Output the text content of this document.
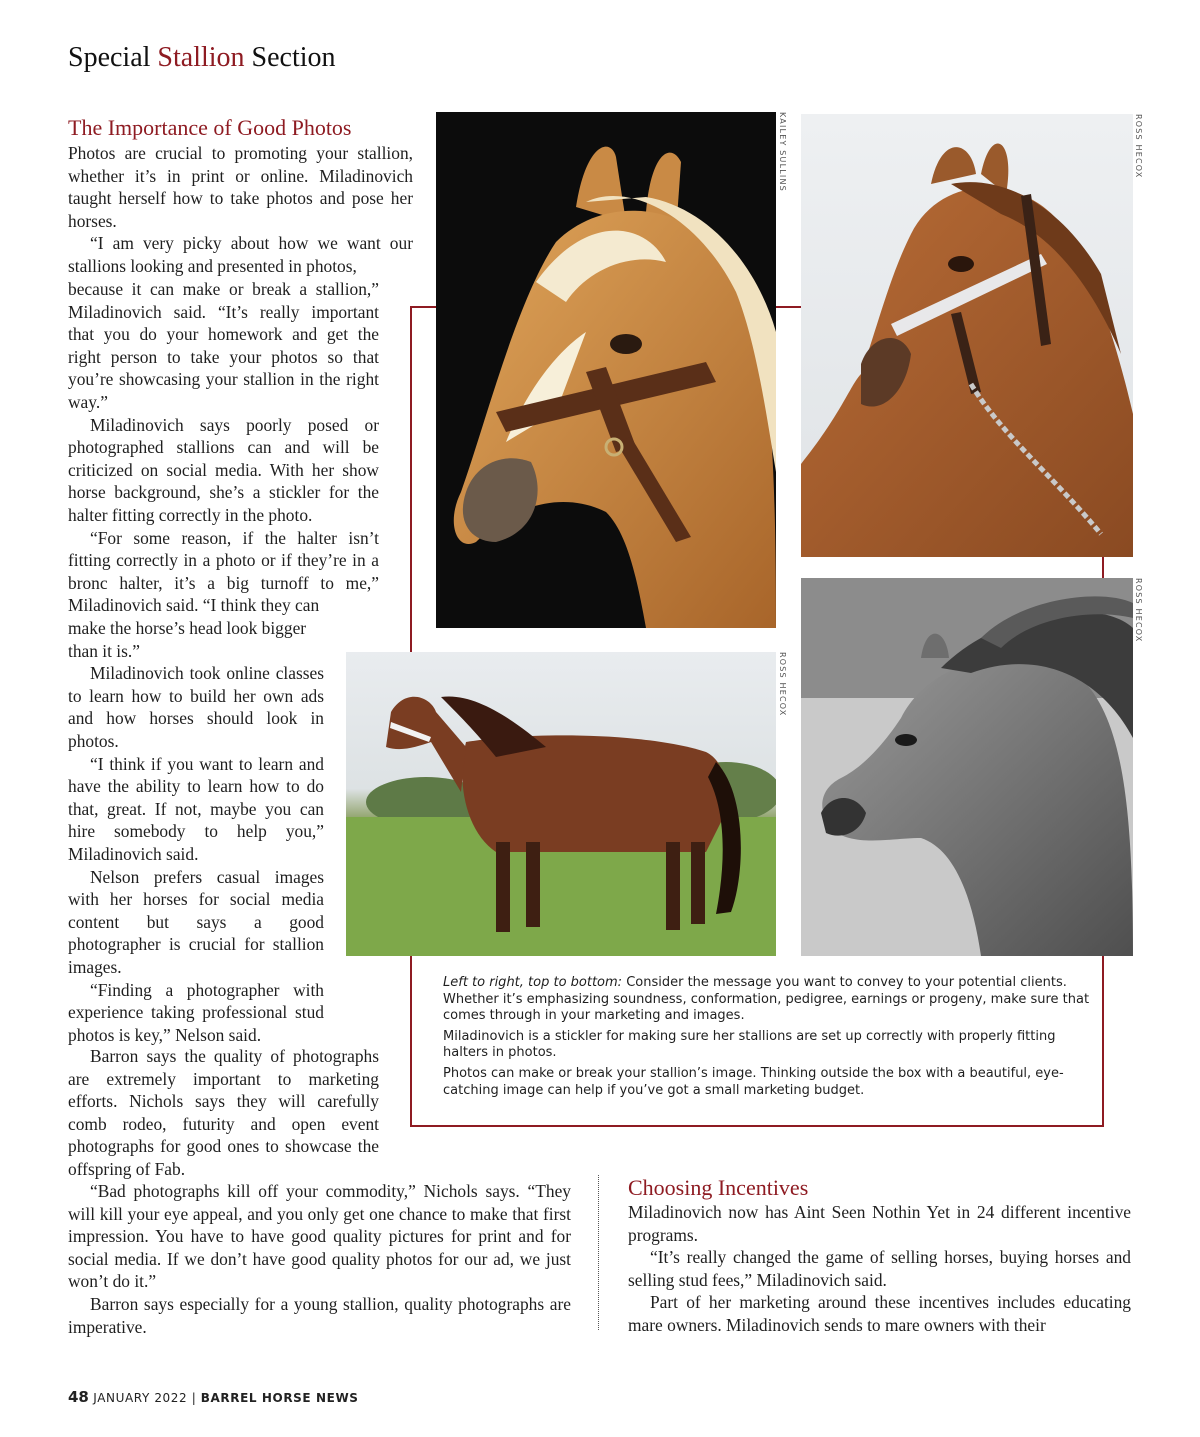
Special Stallion Section
The Importance of Good Photos

Photos are crucial to promoting your stallion, whether it’s in print or online. Miladinovich taught herself how to take photos and pose her horses.

“I am very picky about how we want our stallions looking and presented in photos,

because it can make or break a stallion,” Miladinovich said. “It’s really important that you do your homework and get the right person to take your photos so that you’re showcasing your stallion in the right way.”

Miladinovich says poorly posed or photographed stallions can and will be criticized on social media. With her show horse background, she’s a stickler for the halter fitting correctly in the photo.

“For some reason, if the halter isn’t fitting correctly in a photo or if they’re in a bronc halter, it’s a big turnoff to me,” Miladinovich said. “I think they can

make the horse’s head look bigger than it is.”

Miladinovich took online classes to learn how to build her own ads and how horses should look in photos.

“I think if you want to learn and have the ability to learn how to do that, great. If not, maybe you can hire somebody to help you,” Miladinovich said.

Nelson prefers casual images with her horses for social media content but says a good photographer is crucial for stallion images.

“Finding a photographer with experience taking professional stud photos is key,” Nelson said.

Barron says the quality of photographs are extremely important to marketing efforts. Nichols says they will carefully comb rodeo, futurity and open event photographs for good ones to showcase the offspring of Fab.

“Bad photographs kill off your commodity,” Nichols says. “They will kill your eye appeal, and you only get one chance to make that first impression. You have to have good quality pictures for print and for social media. If we don’t have good quality photos for our ad, we just won’t do it.”

Barron says especially for a young stallion, quality photographs are imperative.

Choosing Incentives

Miladinovich now has Aint Seen Nothin Yet in 24 different incentive programs.

“It’s really changed the game of selling horses, buying horses and selling stud fees,” Miladinovich said.

Part of her marketing around these incentives includes educating mare owners. Miladinovich sends to mare owners with their

KAILEY SULLINS	ROSS HECOX
ROSS HECOX
ROSS HECOX

Left to right, top to bottom: Consider the message you want to convey to your potential clients. Whether it’s emphasizing soundness, conformation, pedigree, earnings or progeny, make sure that comes through in your marketing and images.

Miladinovich is a stickler for making sure her stallions are set up correctly with properly fitting halters in photos.

Photos can make or break your stallion’s image. Thinking outside the box with a beautiful, eye-catching image can help if you’ve got a small marketing budget.

48 JANUARY 2022 | BARREL HORSE NEWS
